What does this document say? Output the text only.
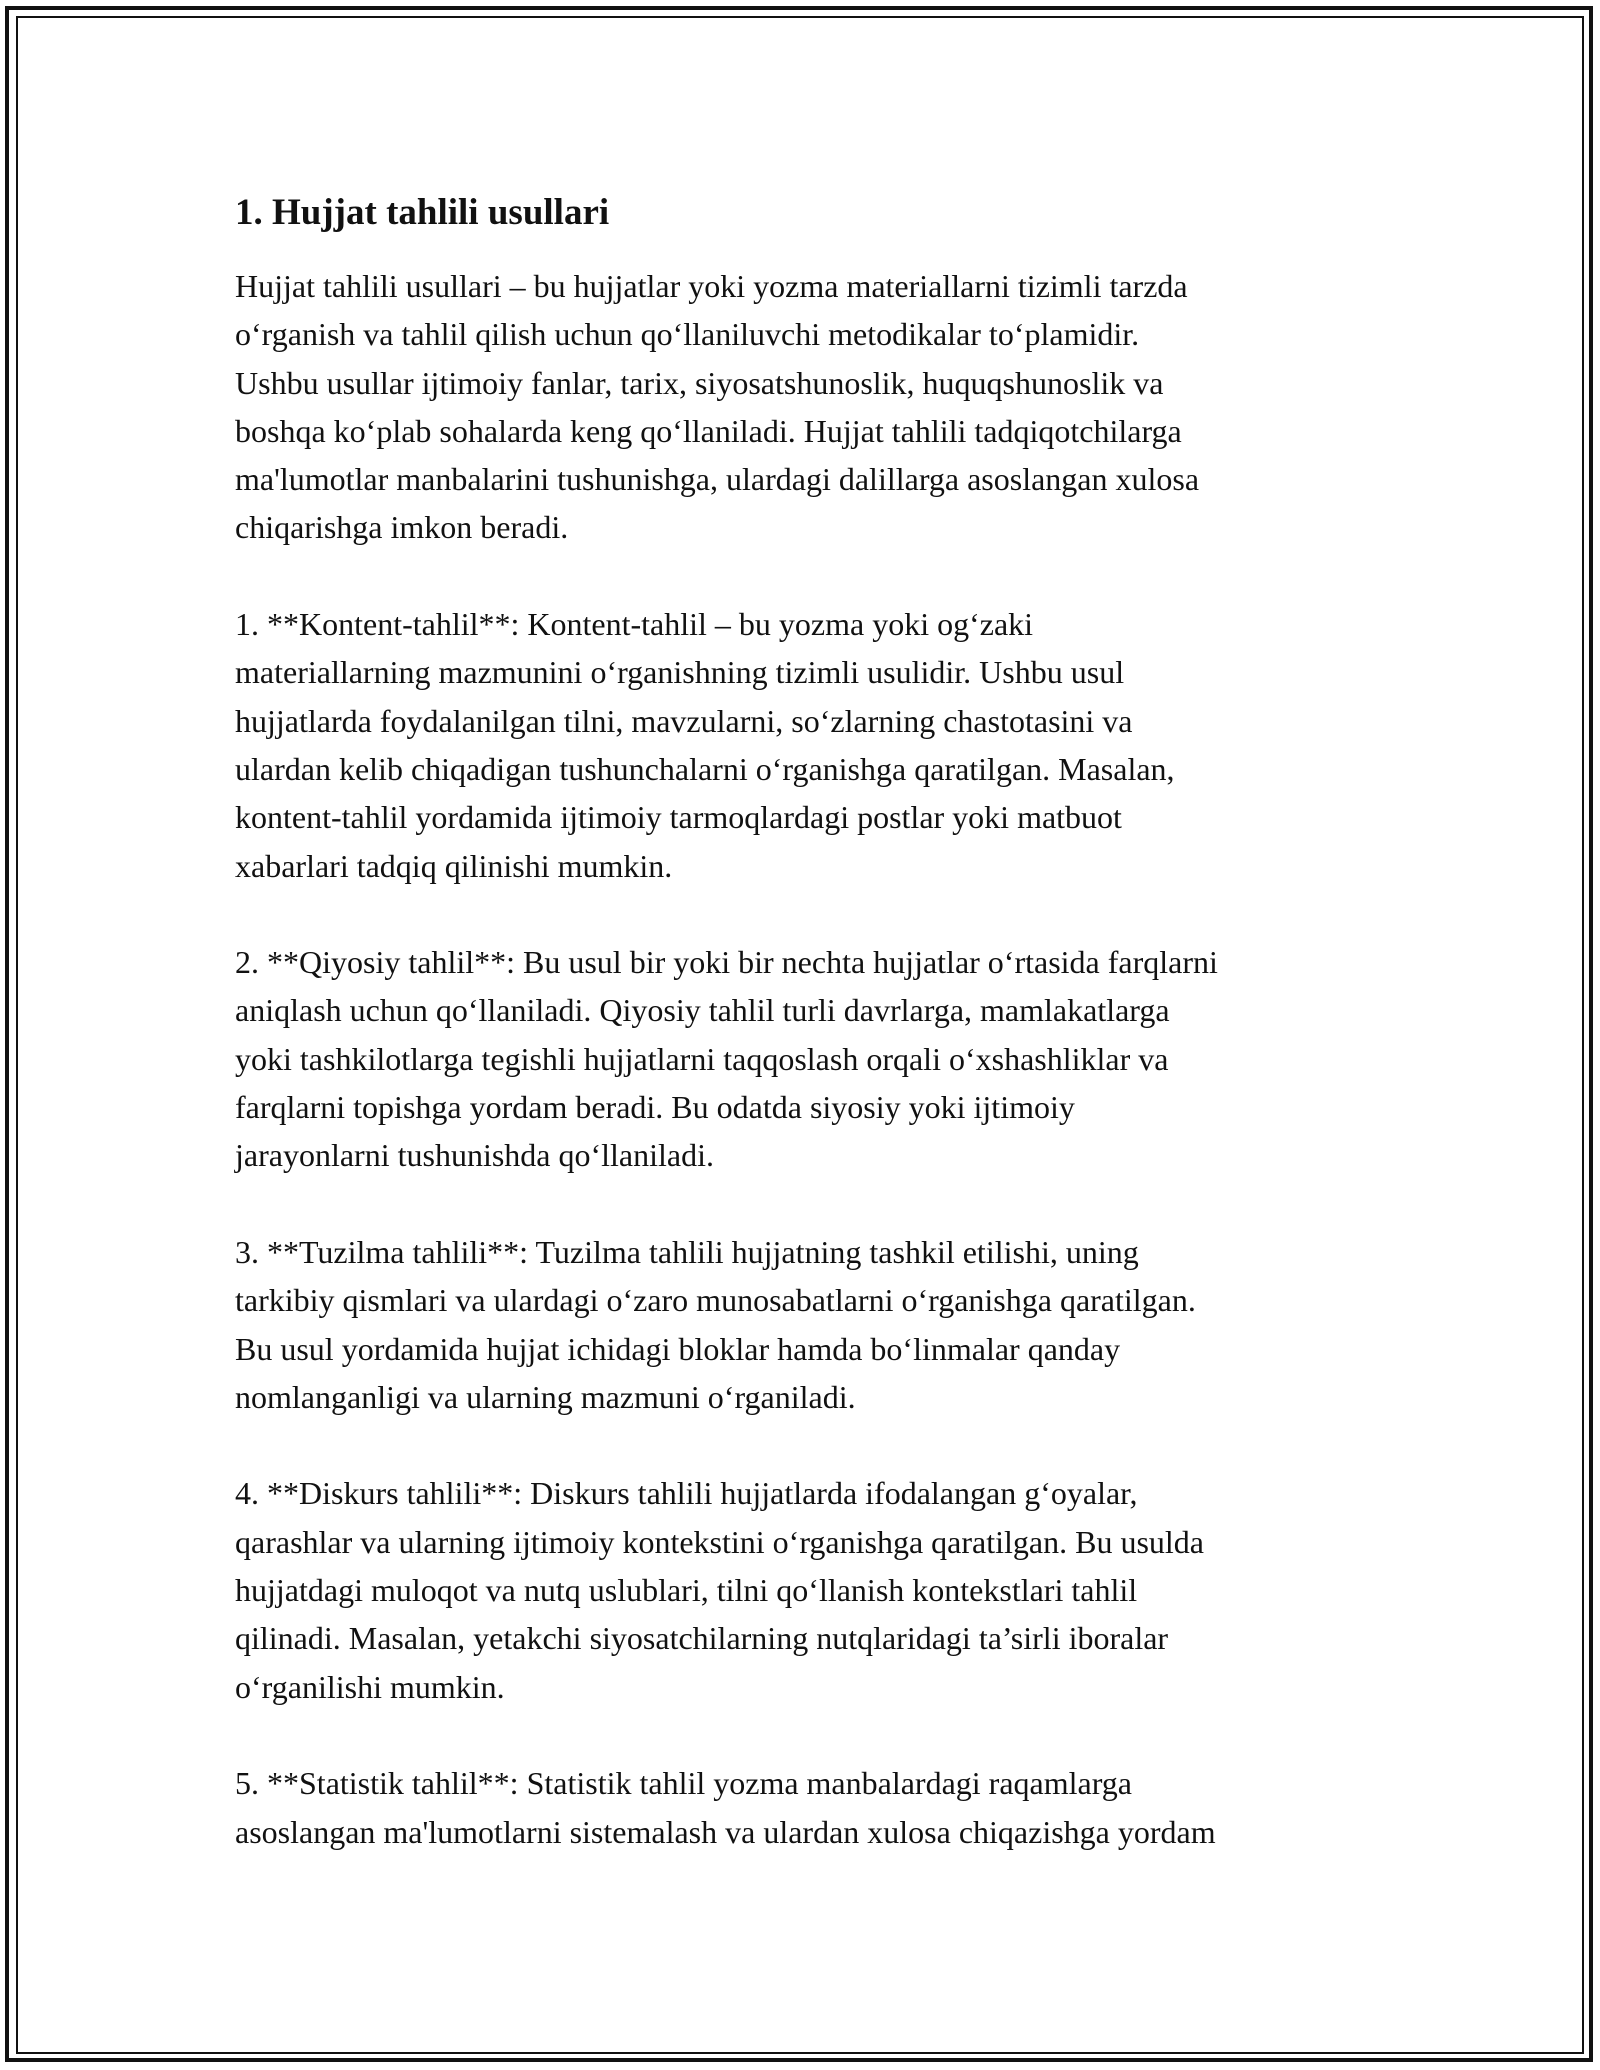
1. Hujjat tahlili usullari

Hujjat tahlili usullari – bu hujjatlar yoki yozma materiallarni tizimli tarzda
o‘rganish va tahlil qilish uchun qo‘llaniluvchi metodikalar to‘plamidir.
Ushbu usullar ijtimoiy fanlar, tarix, siyosatshunoslik, huquqshunoslik va
boshqa ko‘plab sohalarda keng qo‘llaniladi. Hujjat tahlili tadqiqotchilarga
ma'lumotlar manbalarini tushunishga, ulardagi dalillarga asoslangan xulosa
chiqarishga imkon beradi.

1. **Kontent-tahlil**: Kontent-tahlil – bu yozma yoki og‘zaki
materiallarning mazmunini o‘rganishning tizimli usulidir. Ushbu usul
hujjatlarda foydalanilgan tilni, mavzularni, so‘zlarning chastotasini va
ulardan kelib chiqadigan tushunchalarni o‘rganishga qaratilgan. Masalan,
kontent-tahlil yordamida ijtimoiy tarmoqlardagi postlar yoki matbuot
xabarlari tadqiq qilinishi mumkin.

2. **Qiyosiy tahlil**: Bu usul bir yoki bir nechta hujjatlar o‘rtasida farqlarni
aniqlash uchun qo‘llaniladi. Qiyosiy tahlil turli davrlarga, mamlakatlarga
yoki tashkilotlarga tegishli hujjatlarni taqqoslash orqali o‘xshashliklar va
farqlarni topishga yordam beradi. Bu odatda siyosiy yoki ijtimoiy
jarayonlarni tushunishda qo‘llaniladi.

3. **Tuzilma tahlili**: Tuzilma tahlili hujjatning tashkil etilishi, uning
tarkibiy qismlari va ulardagi o‘zaro munosabatlarni o‘rganishga qaratilgan.
Bu usul yordamida hujjat ichidagi bloklar hamda bo‘linmalar qanday
nomlanganligi va ularning mazmuni o‘rganiladi.

4. **Diskurs tahlili**: Diskurs tahlili hujjatlarda ifodalangan g‘oyalar,
qarashlar va ularning ijtimoiy kontekstini o‘rganishga qaratilgan. Bu usulda
hujjatdagi muloqot va nutq uslublari, tilni qo‘llanish kontekstlari tahlil
qilinadi. Masalan, yetakchi siyosatchilarning nutqlaridagi ta’sirli iboralar
o‘rganilishi mumkin.

5. **Statistik tahlil**: Statistik tahlil yozma manbalardagi raqamlarga
asoslangan ma'lumotlarni sistemalash va ulardan xulosa chiqazishga yordam
